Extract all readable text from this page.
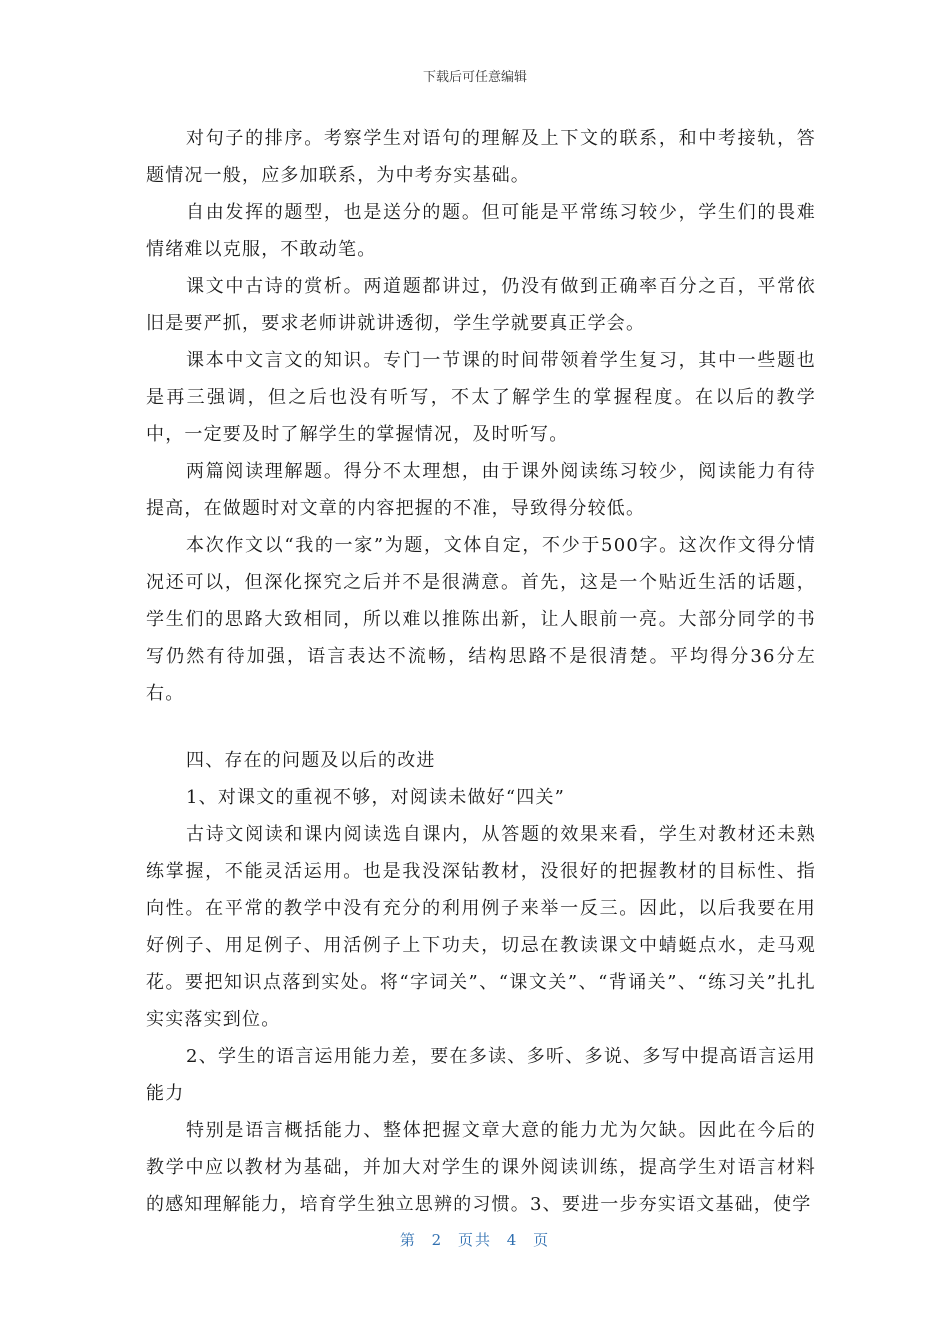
下载后可任意编辑

对句子的排序。考察学生对语句的理解及上下文的联系，和中考接轨，答题情况一般，应多加联系，为中考夯实基础。

自由发挥的题型，也是送分的题。但可能是平常练习较少，学生们的畏难情绪难以克服，不敢动笔。

课文中古诗的赏析。两道题都讲过，仍没有做到正确率百分之百，平常依旧是要严抓，要求老师讲就讲透彻，学生学就要真正学会。

课本中文言文的知识。专门一节课的时间带领着学生复习，其中一些题也是再三强调，但之后也没有听写，不太了解学生的掌握程度。在以后的教学中，一定要及时了解学生的掌握情况，及时听写。

两篇阅读理解题。得分不太理想，由于课外阅读练习较少，阅读能力有待提高，在做题时对文章的内容把握的不准，导致得分较低。

本次作文以“我的一家”为题，文体自定，不少于500字。这次作文得分情况还可以，但深化探究之后并不是很满意。首先，这是一个贴近生活的话题，学生们的思路大致相同，所以难以推陈出新，让人眼前一亮。大部分同学的书写仍然有待加强，语言表达不流畅，结构思路不是很清楚。平均得分36分左右。

四、存在的问题及以后的改进

1、对课文的重视不够，对阅读未做好“四关”

古诗文阅读和课内阅读选自课内，从答题的效果来看，学生对教材还未熟练掌握，不能灵活运用。也是我没深钻教材，没很好的把握教材的目标性、指向性。在平常的教学中没有充分的利用例子来举一反三。因此，以后我要在用好例子、用足例子、用活例子上下功夫，切忌在教读课文中蜻蜓点水，走马观花。要把知识点落到实处。将“字词关”、“课文关”、“背诵关”、“练习关”扎扎实实落实到位。

2、学生的语言运用能力差，要在多读、多听、多说、多写中提高语言运用能力

特别是语言概括能力、整体把握文章大意的能力尤为欠缺。因此在今后的教学中应以教材为基础，并加大对学生的课外阅读训练，提高学生对语言材料的感知理解能力，培育学生独立思辨的习惯。3、要进一步夯实语文基础，使学

第 2 页共 4 页
